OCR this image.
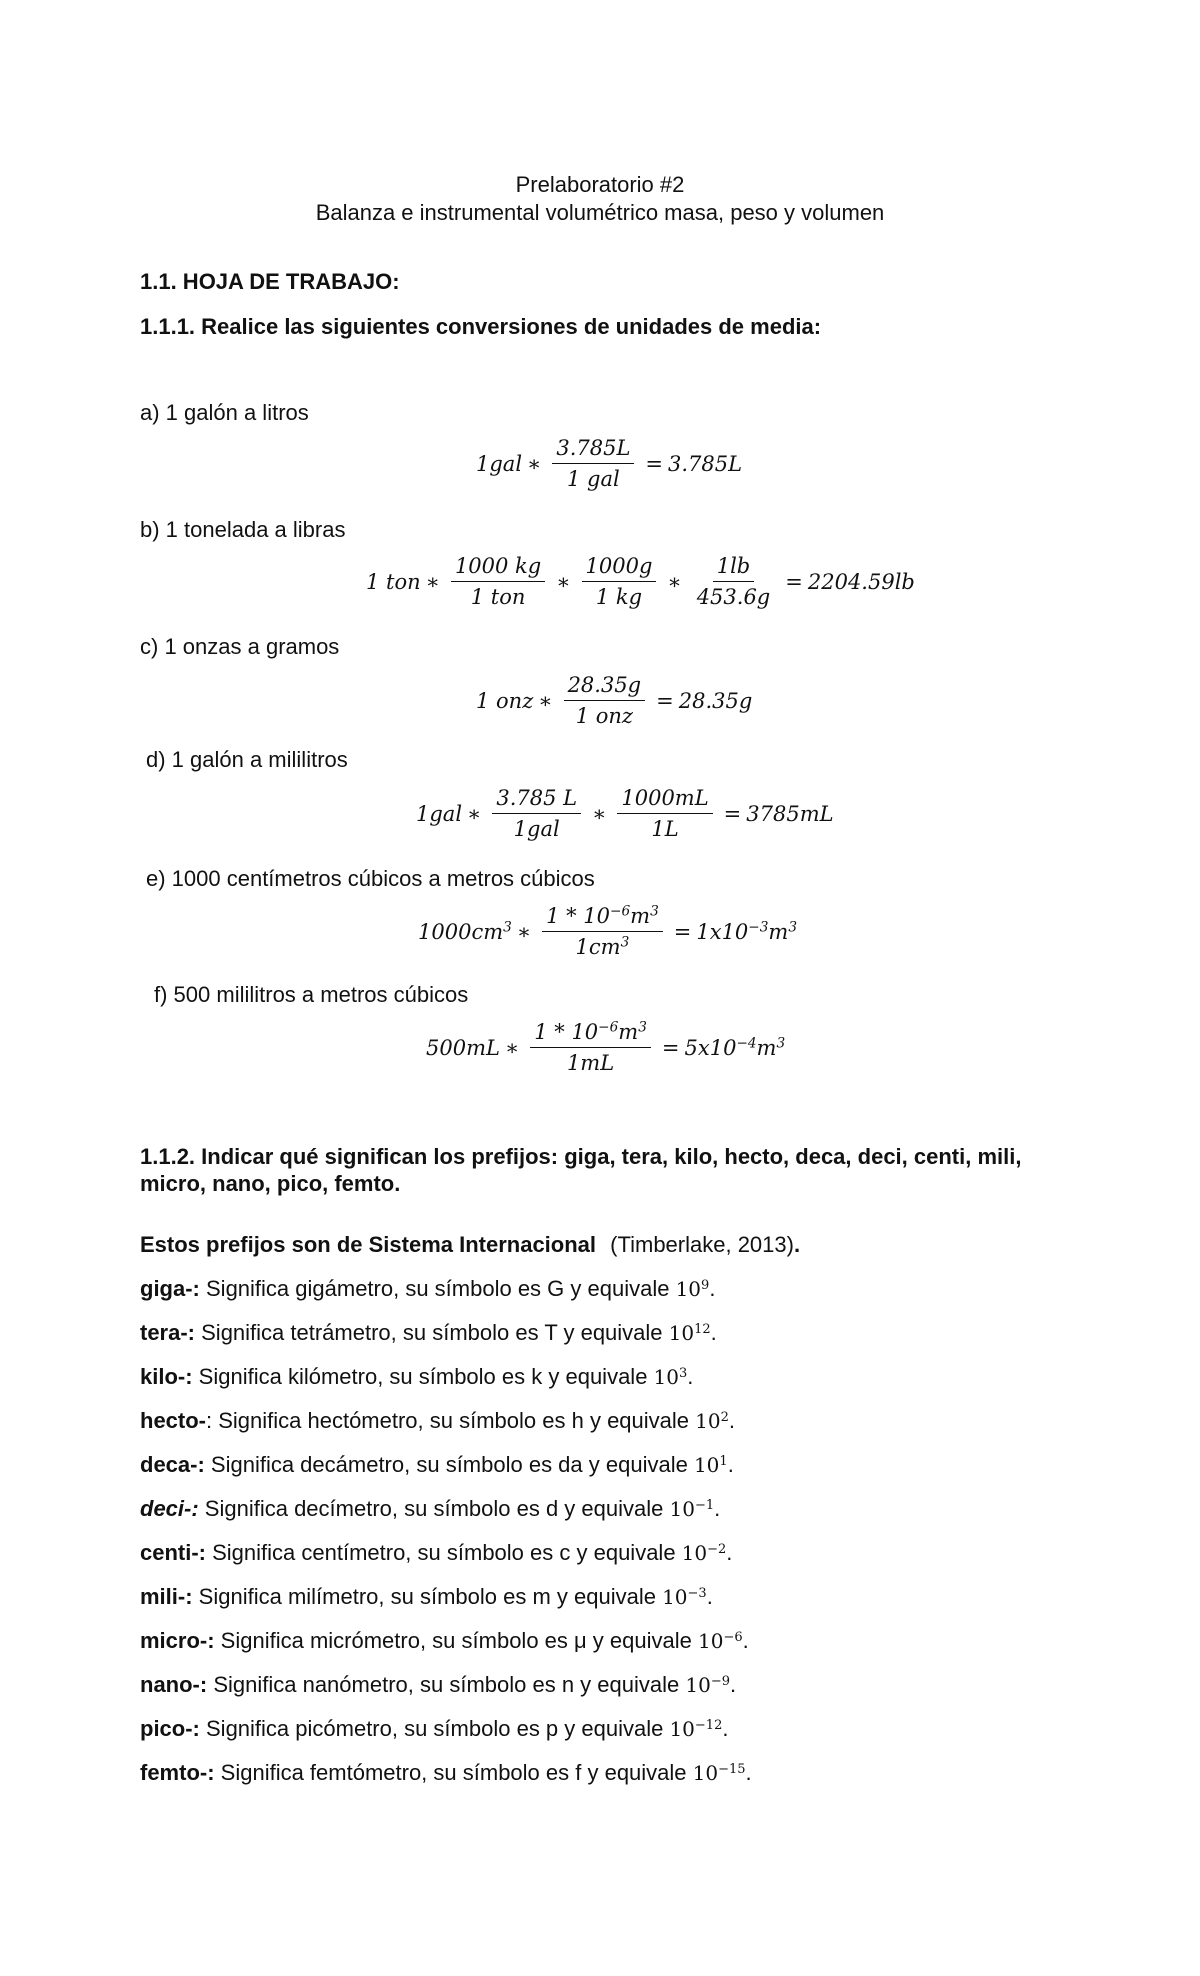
Prelaboratorio #2
Balanza e instrumental volumétrico masa, peso y volumen
1.1. HOJA DE TRABAJO:
1.1.1. Realice las siguientes conversiones de unidades de media:
a) 1 galón a litros
1gal ∗ $\frac{3.785L}{\text{1 gal}} = 3.785L$
b) 1 tonelada a libras
1 ton ∗ $\frac{1000 kg}{\text{1 ton}}$ ∗ $\frac{1000g}{1 kg}$ ∗ $\frac{1lb}{453.6g} = 2204.59lb$
c) 1 onzas a gramos
1 onz ∗ $\frac{28.35g}{\text{1 onz}} = 28.35g$
d) 1 galón a mililitros
1gal ∗ $\frac{3.785 L}{\text{1gal}}$ ∗ $\frac{1000mL}{1L} = 3785mL$
e) 1000 centímetros cúbicos a metros cúbicos
$1000cm^3$ ∗ $\frac{1 * 10^{-6}m^3}{1cm^3} = 1x10^{-3}m^3$
f) 500 mililitros a metros cúbicos
500mL ∗ $\frac{1 * 10^{-6}m^3}{1mL} = 5x10^{-4}m^3$
1.1.2. Indicar qué significan los prefijos: giga, tera, kilo, hecto, deca, deci, centi, mili, micro, nano, pico, femto.
Estos prefijos son de Sistema Internacional (Timberlake, 2013).
giga-: Significa gigámetro, su símbolo es G y equivale $10^9$.
tera-: Significa tetrámetro, su símbolo es T y equivale $10^{12}$.
kilo-: Significa kilómetro, su símbolo es k y equivale $10^3$.
hecto-: Significa hectómetro, su símbolo es h y equivale $10^2$.
deca-: Significa decámetro, su símbolo es da y equivale $10^1$.
deci-: Significa decímetro, su símbolo es d y equivale $10^{-1}$.
centi-: Significa centímetro, su símbolo es c y equivale $10^{-2}$.
mili-: Significa milímetro, su símbolo es m y equivale $10^{-3}$.
micro-: Significa micrómetro, su símbolo es μ y equivale $10^{-6}$.
nano-: Significa nanómetro, su símbolo es n y equivale $10^{-9}$.
pico-: Significa picómetro, su símbolo es p y equivale $10^{-12}$.
femto-: Significa femtómetro, su símbolo es f y equivale $10^{-15}$.
